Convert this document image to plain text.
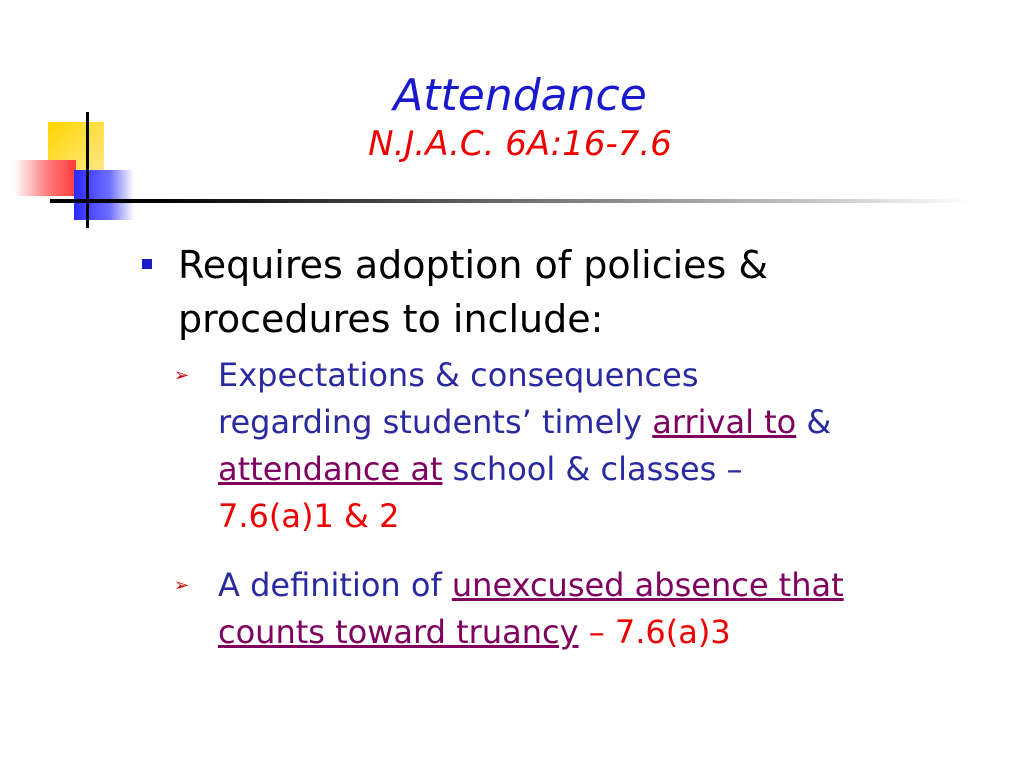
Attendance
N.J.A.C. 6A:16-7.6
Requires adoption of policies &
procedures to include:
➢ Expectations & consequences
regarding students’ timely arrival to &
attendance at school & classes –
7.6(a)1 & 2
➢ A definition of unexcused absence that
counts toward truancy – 7.6(a)3
